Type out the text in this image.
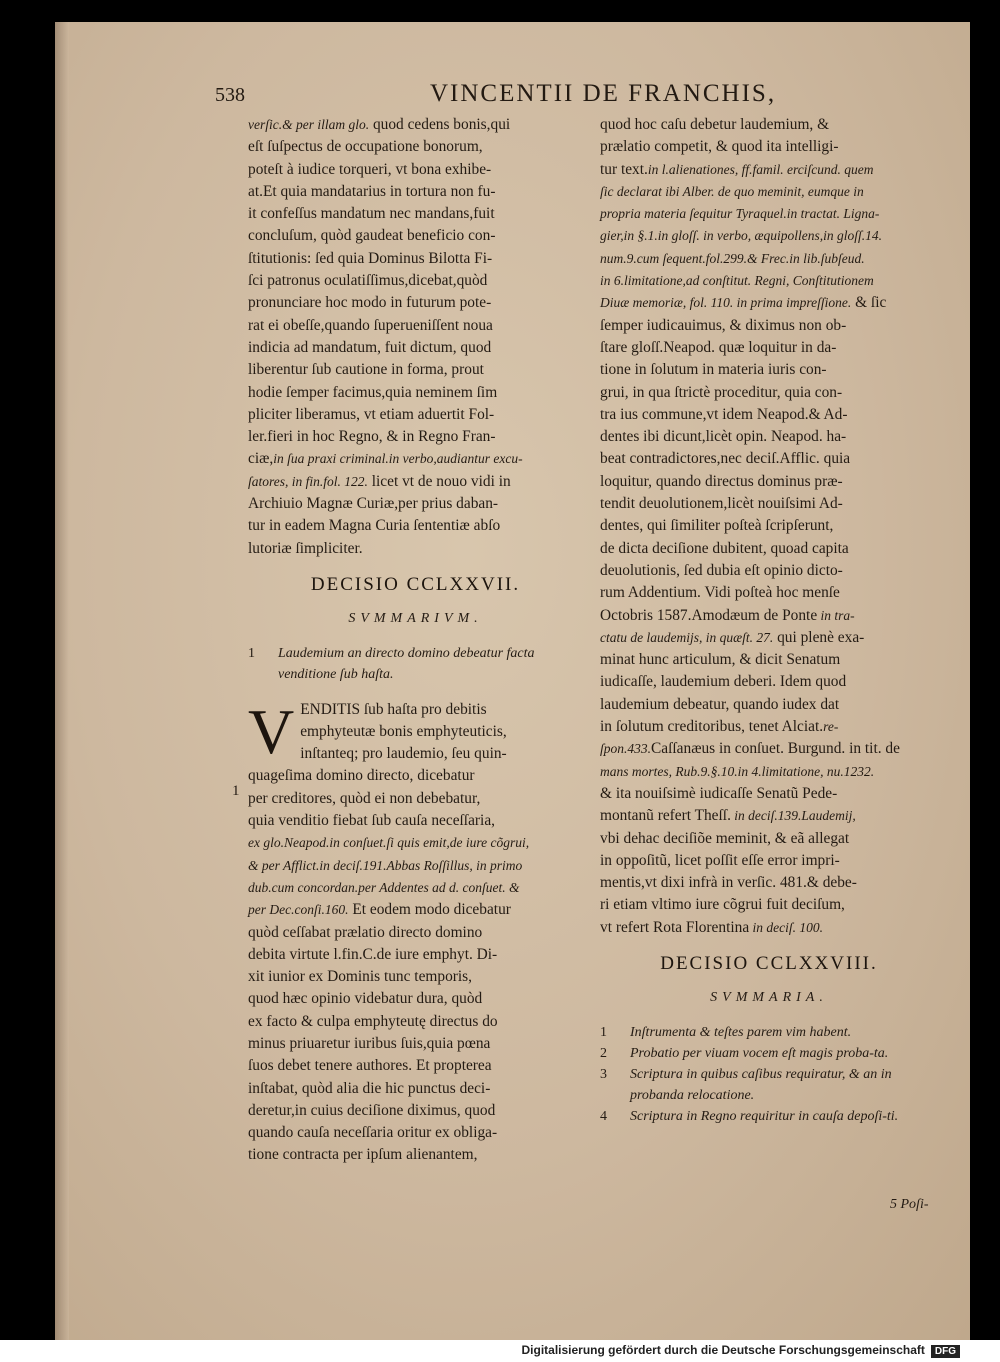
538	VINCENTII DE FRANCHIS,
verſic.& per illam glo. quod cedens bonis,qui
eſt ſuſpectus de occupatione bonorum,
poteſt à iudice torqueri, vt bona exhibe-
at.Et quia mandatarius in tortura non fu-
it confeſſus mandatum nec mandans,fuit
concluſum, quòd gaudeat beneficio con-
ſtitutionis: ſed quia Dominus Bilotta Fi-
ſci patronus oculatiſſimus,dicebat,quòd
pronunciare hoc modo in futurum pote-
rat ei obeſſe,quando ſuperueniſſent noua
indicia ad mandatum, fuit dictum, quod
liberentur ſub cautione in forma, prout
hodie ſemper facimus,quia neminem ſim
pliciter liberamus, vt etiam aduertit Fol-
ler.fieri in hoc Regno, & in Regno Fran-
ciæ,in ſua praxi criminal.in verbo,audiantur excu-
ſatores, in fin.fol. 122. licet vt de nouo vidi in
Archiuio Magnæ Curiæ,per prius daban-
tur in eadem Magna Curia ſententiæ abſo
lutoriæ ſimpliciter.
DECISIO CCLXXVII.
SVMMARIVM.
1	Laudemium an directo domino debeatur facta venditione ſub haſta.
V ENDITIS ſub haſta pro debitis
emphyteutæ bonis emphyteuticis,
inſtanteq; pro laudemio, ſeu quin-
quageſima domino directo, dicebatur
per creditores, quòd ei non debebatur,
quia venditio fiebat ſub cauſa neceſſaria,
ex glo.Neapod.in conſuet.ſi quis emit,de iure cõgrui,
& per Afflict.in deciſ.191.Abbas Roſſillus, in primo
dub.cum concordan.per Addentes ad d. conſuet. &
per Dec.conſi.160. Et eodem modo dicebatur
quòd ceſſabat prælatio directo domino
debita virtute l.fin.C.de iure emphyt. Di-
xit iunior ex Dominis tunc temporis,
quod hæc opinio videbatur dura, quòd
ex facto & culpa emphyteutę directus do
minus priuaretur iuribus ſuis,quia pœna
ſuos debet tenere authores. Et propterea
inſtabat, quòd alia die hic punctus deci-
deretur,in cuius deciſione diximus, quod
quando cauſa neceſſaria oritur ex obliga-
tione contracta per ipſum alienantem,
1
quod hoc caſu debetur laudemium, &
prælatio competit, & quod ita intelligi-
tur text.in l.alienationes, ff.famil. erciſcund. quem
ſic declarat ibi Alber. de quo meminit, eumque in
propria materia ſequitur Tyraquel.in tractat. Ligna-
gier,in §.1.in gloſſ. in verbo, æquipollens,in gloſſ.14.
num.9.cum ſequent.fol.299.& Frec.in lib.ſubſeud.
in 6.limitatione,ad conſtitut. Regni, Conſtitutionem
Diuæ memoriæ, fol. 110. in prima impreſſione. & ſic
ſemper iudicauimus, & diximus non ob-
ſtare gloſſ.Neapod. quæ loquitur in da-
tione in ſolutum in materia iuris con-
grui, in qua ſtrictè proceditur, quia con-
tra ius commune,vt idem Neapod.& Ad-
dentes ibi dicunt,licèt opin. Neapod. ha-
beat contradictores,nec deciſ.Afflic. quia
loquitur, quando directus dominus præ-
tendit deuolutionem,licèt nouiſsimi Ad-
dentes, qui ſimiliter poſteà ſcripſerunt,
de dicta deciſione dubitent, quoad capita
deuolutionis, ſed dubia eſt opinio dicto-
rum Addentium. Vidi poſteà hoc menſe
Octobris 1587.Amodæum de Ponte in tra-
ctatu de laudemijs, in quæſt. 27. qui plenè exa-
minat hunc articulum, & dicit Senatum
iudicaſſe, laudemium deberi. Idem quod
laudemium debeatur, quando iudex dat
in ſolutum creditoribus, tenet Alciat.re-
ſpon.433.Caſſanæus in conſuet. Burgund. in tit. de
mans mortes, Rub.9.§.10.in 4.limitatione, nu.1232.
& ita nouiſsimè iudicaſſe Senatũ Pede-
montanũ refert Theſſ. in deciſ.139.Laudemij,
vbi dehac deciſiõe meminit, & eã allegat
in oppoſitũ, licet poſſit eſſe error impri-
mentis,vt dixi infrà in verſic. 481.& debe-
ri etiam vltimo iure cõgrui fuit deciſum,
vt refert Rota Florentina in deciſ. 100.
DECISIO CCLXXVIII.
SVMMARIA.
1	Inſtrumenta & teſtes parem vim habent.
2	Probatio per viuam vocem eſt magis proba-ta.
3	Scriptura in quibus caſibus requiratur, & an in probanda relocatione.
4	Scriptura in Regno requiritur in cauſa depoſi-ti.
5 Poſi-
Digitalisierung gefördert durch die Deutsche Forschungsgemeinschaft DFG
